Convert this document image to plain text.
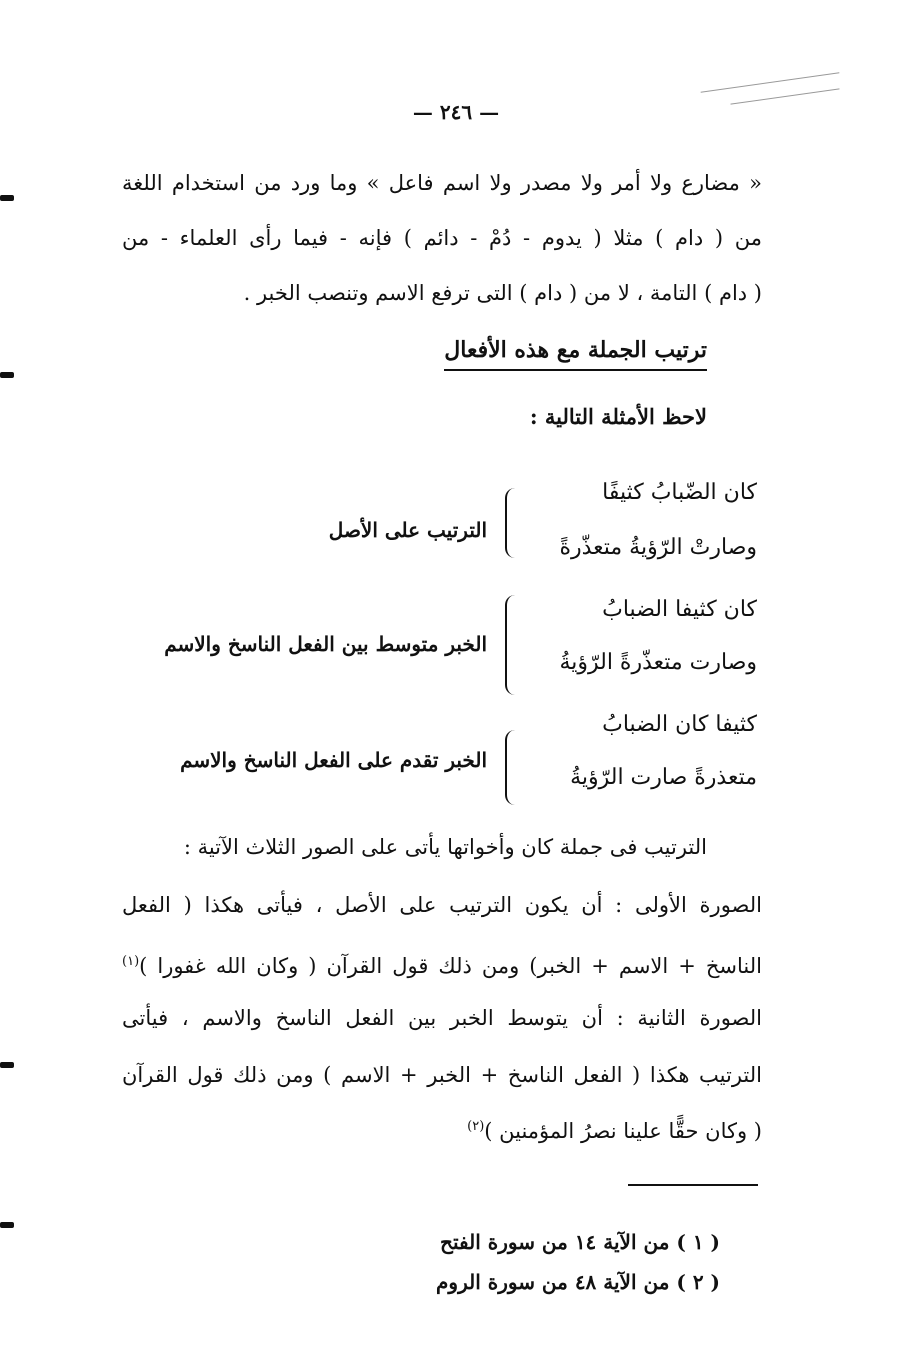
— ٢٤٦ —
« مضارع ولا أمر ولا مصدر ولا اسم فاعل » وما ورد من استخدام اللغة
من ( دام ) مثلا ( يدوم - دُمْ - دائم ) فإنه - فيما رأى العلماء - من
( دام ) التامة ، لا من ( دام ) التى ترفع الاسم وتنصب الخبر .
ترتيب الجملة مع هذه الأفعال
لاحظ الأمثلة التالية :
كان الضّبابُ كثيفًا
وصارتْ الرّؤيةُ متعذّرةً
الترتيب على الأصل
كان كثيفا الضبابُ
وصارت متعذّرةً الرّؤيةُ
الخبر متوسط بين الفعل الناسخ والاسم
كثيفا كان الضبابُ
متعذرةً صارت الرّؤيةُ
الخبر تقدم على الفعل الناسخ والاسم
الترتيب فى جملة كان وأخواتها يأتى على الصور الثلاث الآتية :
الصورة الأولى : أن يكون الترتيب على الأصل ، فيأتى هكذا ( الفعل
الناسخ + الاسم + الخبر) ومن ذلك قول القرآن ( وكان الله غفورا )$^{(١)}$
الصورة الثانية : أن يتوسط الخبر بين الفعل الناسخ والاسم ، فيأتى
الترتيب هكذا ( الفعل الناسخ + الخبر + الاسم ) ومن ذلك قول القرآن
( وكان حقًّا علينا نصرُ المؤمنين )$^{(٢)}$
( ١ ) من الآية ١٤ من سورة الفتح
( ٢ ) من الآية ٤٨ من سورة الروم
